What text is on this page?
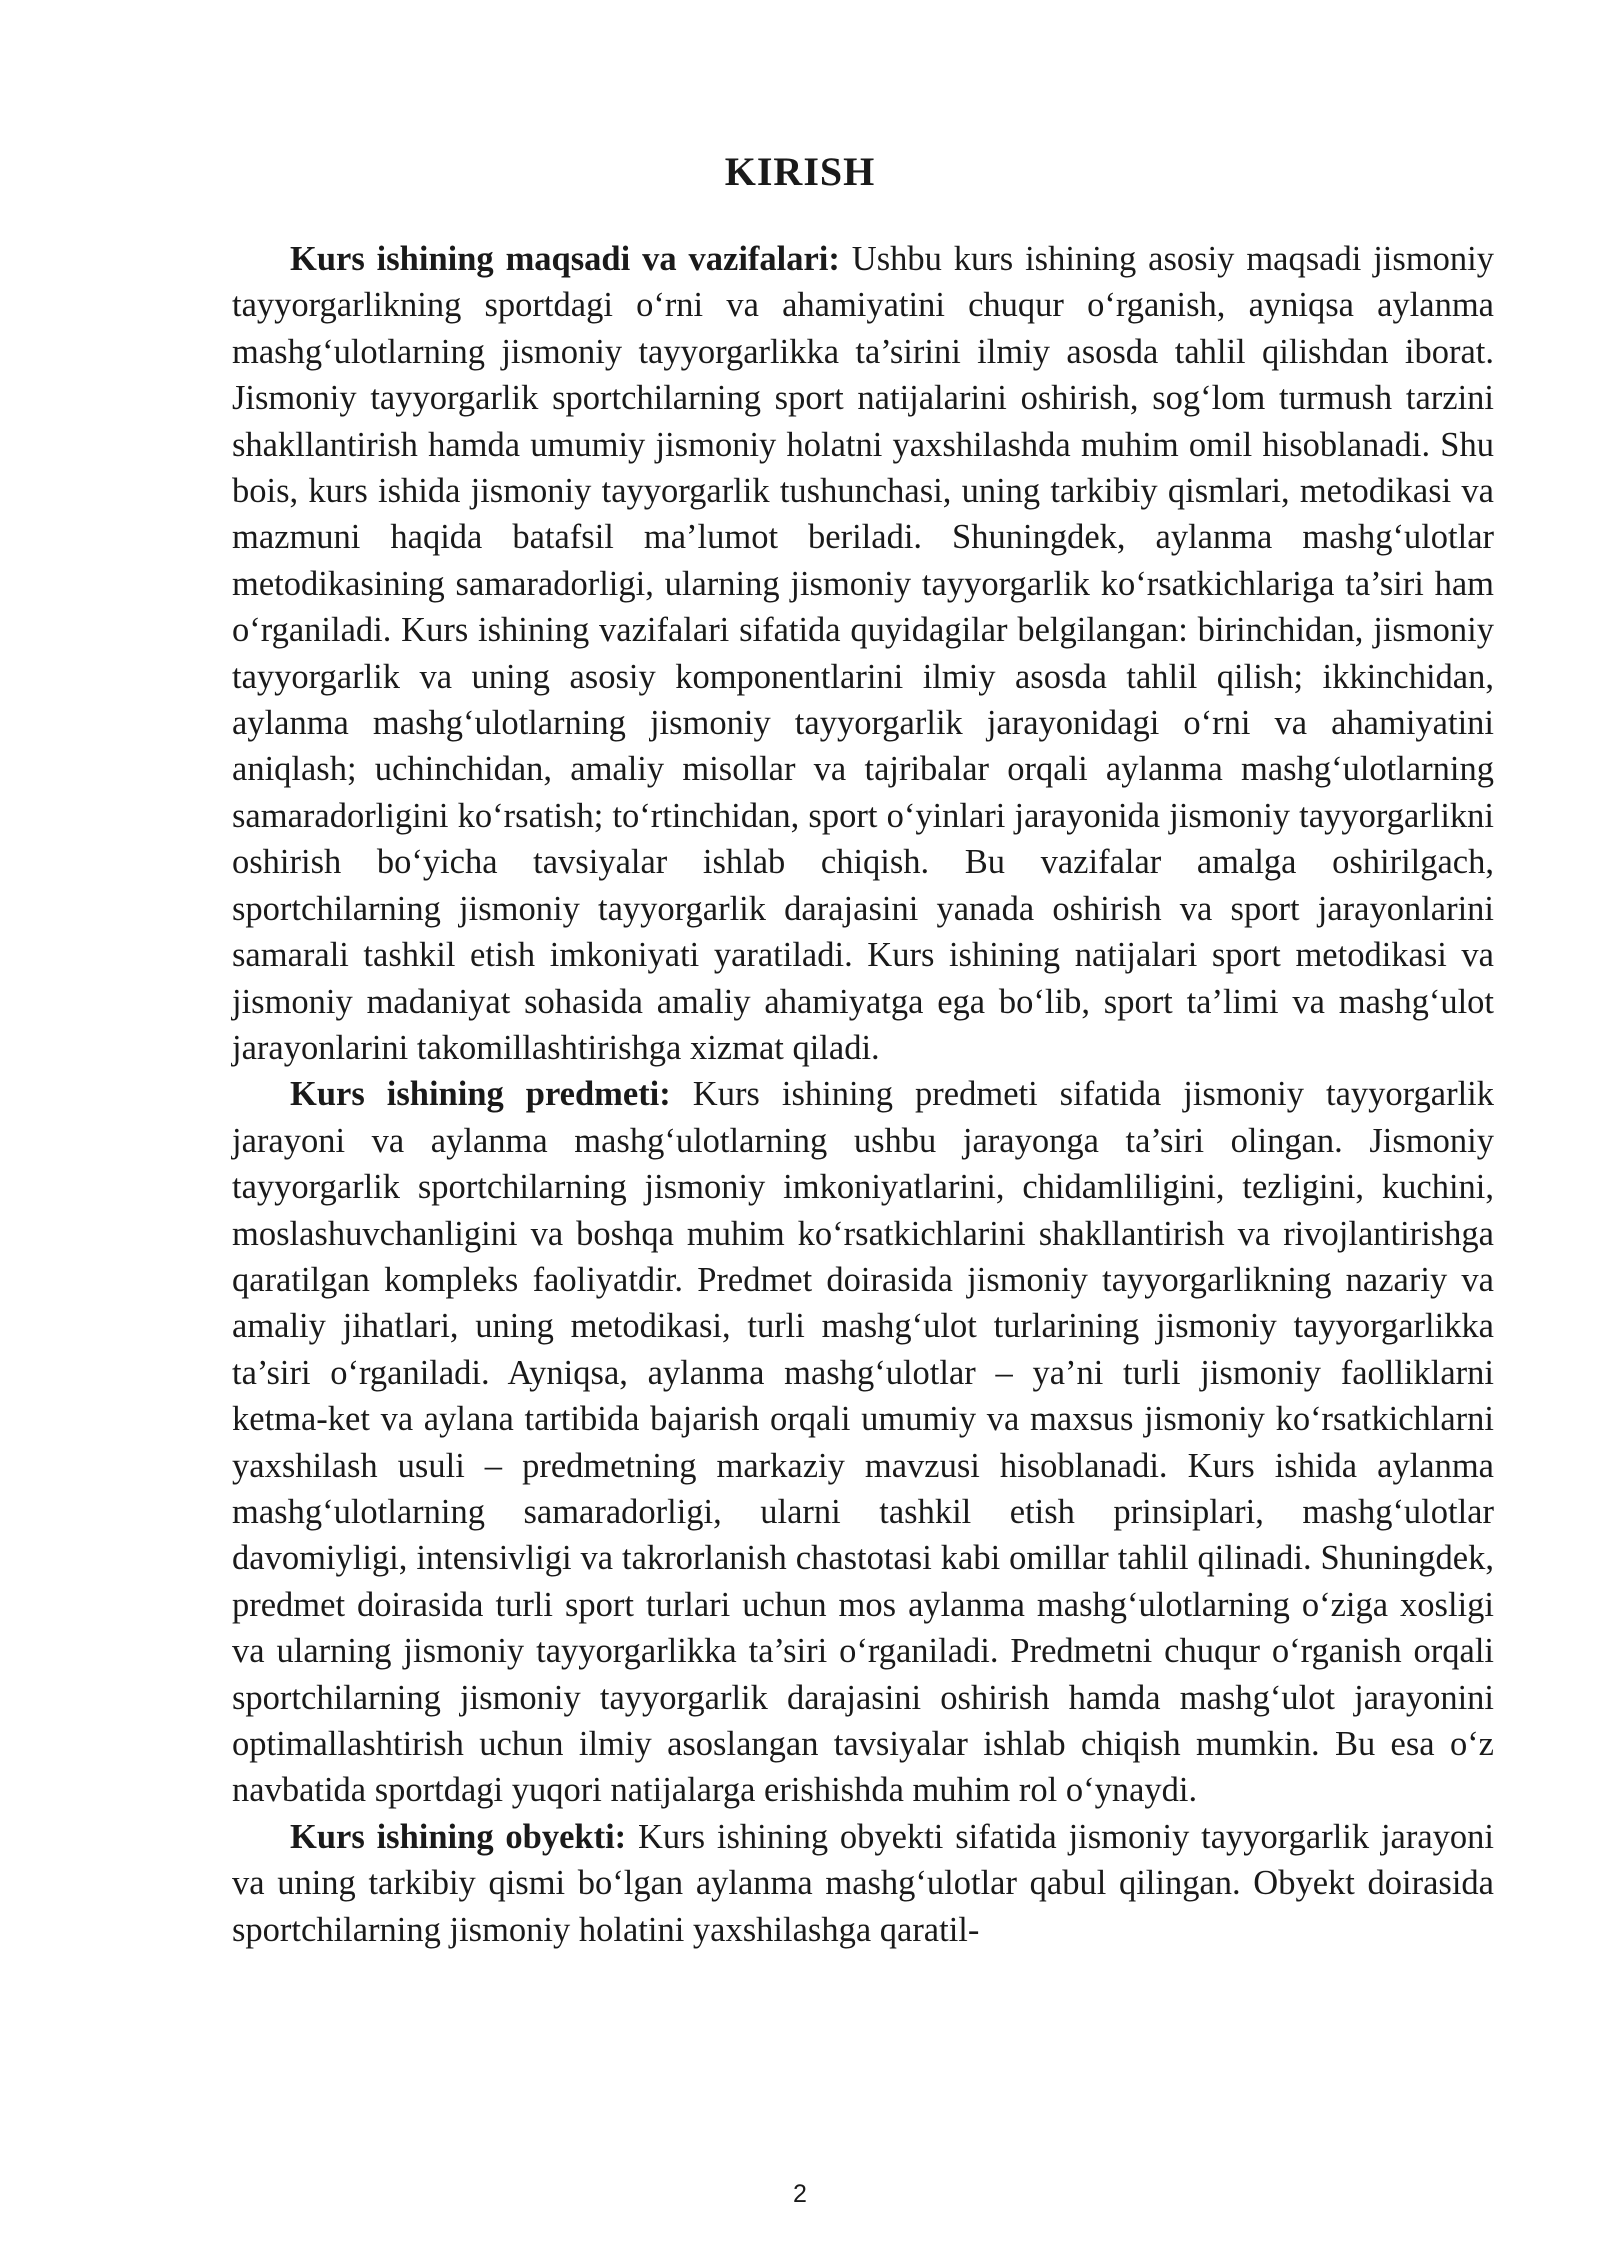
KIRISH

Kurs ishining maqsadi va vazifalari: Ushbu kurs ishining asosiy maqsadi jismoniy tayyorgarlikning sportdagi o‘rni va ahamiyatini chuqur o‘rganish, ayniqsa aylanma mashg‘ulotlarning jismoniy tayyorgarlikka ta’sirini ilmiy asosda tahlil qilishdan iborat. Jismoniy tayyorgarlik sportchilarning sport natijalarini oshirish, sog‘lom turmush tarzini shakllantirish hamda umumiy jismoniy holatni yaxshilashda muhim omil hisoblanadi. Shu bois, kurs ishida jismoniy tayyorgarlik tushunchasi, uning tarkibiy qismlari, metodikasi va mazmuni haqida batafsil ma’lumot beriladi. Shuningdek, aylanma mashg‘ulotlar metodikasining samaradorligi, ularning jismoniy tayyorgarlik ko‘rsatkichlariga ta’siri ham o‘rganiladi. Kurs ishining vazifalari sifatida quyidagilar belgilangan: birinchidan, jismoniy tayyorgarlik va uning asosiy komponentlarini ilmiy asosda tahlil qilish; ikkinchidan, aylanma mashg‘ulotlarning jismoniy tayyorgarlik jarayonidagi o‘rni va ahamiyatini aniqlash; uchinchidan, amaliy misollar va tajribalar orqali aylanma mashg‘ulotlarning samaradorligini ko‘rsatish; to‘rtinchidan, sport o‘yinlari jarayonida jismoniy tayyorgarlikni oshirish bo‘yicha tavsiyalar ishlab chiqish. Bu vazifalar amalga oshirilgach, sportchilarning jismoniy tayyorgarlik darajasini yanada oshirish va sport jarayonlarini samarali tashkil etish imkoniyati yaratiladi. Kurs ishining natijalari sport metodikasi va jismoniy madaniyat sohasida amaliy ahamiyatga ega bo‘lib, sport ta’limi va mashg‘ulot jarayonlarini takomillashtirishga xizmat qiladi.

Kurs ishining predmeti: Kurs ishining predmeti sifatida jismoniy tayyorgarlik jarayoni va aylanma mashg‘ulotlarning ushbu jarayonga ta’siri olingan. Jismoniy tayyorgarlik sportchilarning jismoniy imkoniyatlarini, chidamliligini, tezligini, kuchini, moslashuvchanligini va boshqa muhim ko‘rsatkichlarini shakllantirish va rivojlantirishga qaratilgan kompleks faoliyatdir. Predmet doirasida jismoniy tayyorgarlikning nazariy va amaliy jihatlari, uning metodikasi, turli mashg‘ulot turlarining jismoniy tayyorgarlikka ta’siri o‘rganiladi. Ayniqsa, aylanma mashg‘ulotlar – ya’ni turli jismoniy faolliklarni ketma-ket va aylana tartibida bajarish orqali umumiy va maxsus jismoniy ko‘rsatkichlarni yaxshilash usuli – predmetning markaziy mavzusi hisoblanadi. Kurs ishida aylanma mashg‘ulotlarning samaradorligi, ularni tashkil etish prinsiplari, mashg‘ulotlar davomiyligi, intensivligi va takrorlanish chastotasi kabi omillar tahlil qilinadi. Shuningdek, predmet doirasida turli sport turlari uchun mos aylanma mashg‘ulotlarning o‘ziga xosligi va ularning jismoniy tayyorgarlikka ta’siri o‘rganiladi. Predmetni chuqur o‘rganish orqali sportchilarning jismoniy tayyorgarlik darajasini oshirish hamda mashg‘ulot jarayonini optimallashtirish uchun ilmiy asoslangan tavsiyalar ishlab chiqish mumkin. Bu esa o‘z navbatida sportdagi yuqori natijalarga erishishda muhim rol o‘ynaydi.

Kurs ishining obyekti: Kurs ishining obyekti sifatida jismoniy tayyorgarlik jarayoni va uning tarkibiy qismi bo‘lgan aylanma mashg‘ulotlar qabul qilingan. Obyekt doirasida sportchilarning jismoniy holatini yaxshilashga qaratil-

2
